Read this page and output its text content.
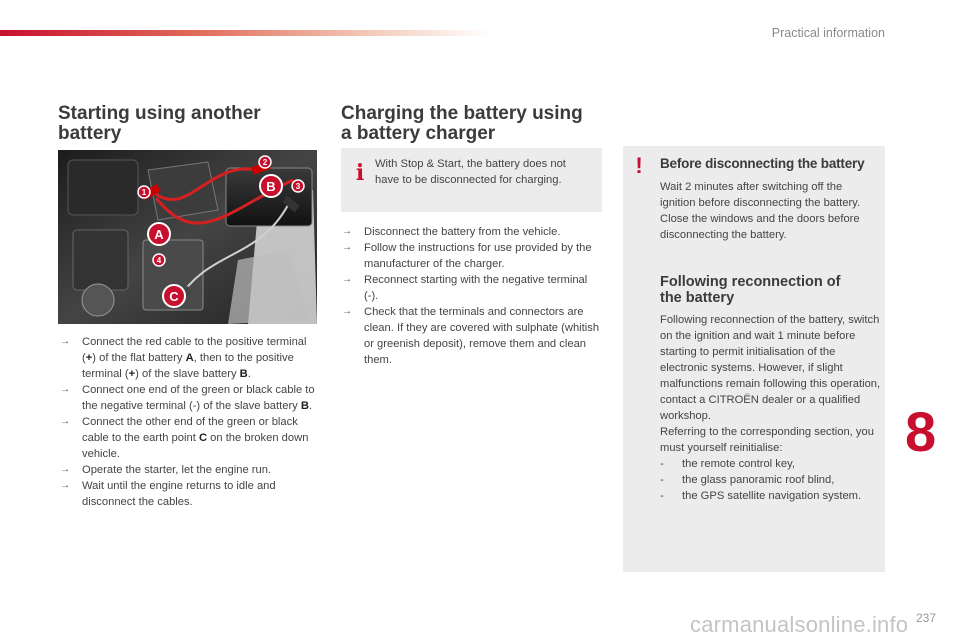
Practical information
Starting using another
battery
A
B
C
1
2
3
4
→ Connect the red cable to the positive terminal (+) of the flat battery A, then to the positive terminal (+) of the slave battery B.
→ Connect one end of the green or black cable to the negative terminal (-) of the slave battery B.
→ Connect the other end of the green or black cable to the earth point C on the broken down vehicle.
→ Operate the starter, let the engine run.
→ Wait until the engine returns to idle and disconnect the cables.
Charging the battery using
a battery charger
i With Stop & Start, the battery does not have to be disconnected for charging.
→ Disconnect the battery from the vehicle.
→ Follow the instructions for use provided by the manufacturer of the charger.
→ Reconnect starting with the negative terminal (-).
→ Check that the terminals and connectors are clean. If they are covered with sulphate (whitish or greenish deposit), remove them and clean them.
! Before disconnecting the battery
Wait 2 minutes after switching off the ignition before disconnecting the battery.
Close the windows and the doors before disconnecting the battery.
Following reconnection of
the battery
Following reconnection of the battery, switch on the ignition and wait 1 minute before starting to permit initialisation of the electronic systems. However, if slight malfunctions remain following this operation, contact a CITROËN dealer or a qualified workshop.
Referring to the corresponding section, you must yourself reinitialise:
- the remote control key,
- the glass panoramic roof blind,
- the GPS satellite navigation system.
8
237
carmanualsonline.info
